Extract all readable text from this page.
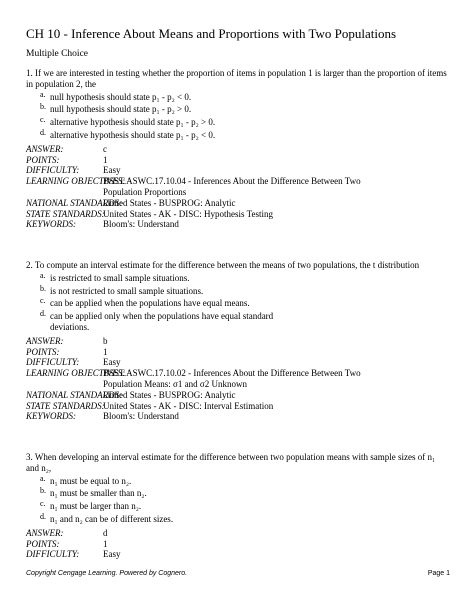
CH 10 - Inference About Means and Proportions with Two Populations
Multiple Choice
1. If we are interested in testing whether the proportion of items in population 1 is larger than the proportion of items in population 2, the
a. null hypothesis should state p₁ - p₂ < 0.
b. null hypothesis should state p₁ - p₂ > 0.
c. alternative hypothesis should state p₁ - p₂ > 0.
d. alternative hypothesis should state p₁ - p₂ < 0.
ANSWER:	c
POINTS:	1
DIFFICULTY:	Easy
LEARNING OBJECTIVES:
BSST.ASWC.17.10.04 - Inferences About the Difference Between Two Population Proportions
NATIONAL STANDARDS:
United States - BUSPROG: Analytic
STATE STANDARDS:
United States - AK - DISC: Hypothesis Testing
KEYWORDS:	Bloom's: Understand
2. To compute an interval estimate for the difference between the means of two populations, the t distribution
a. is restricted to small sample situations.
b. is not restricted to small sample situations.
c. can be applied when the populations have equal means.
d. can be applied only when the populations have equal standard deviations.
ANSWER:	b
POINTS:	1
DIFFICULTY:	Easy
LEARNING OBJECTIVES:
BSST.ASWC.17.10.02 - Inferences About the Difference Between Two Population Means: σ1 and σ2 Unknown
NATIONAL STANDARDS:
United States - BUSPROG: Analytic
STATE STANDARDS:
United States - AK - DISC: Interval Estimation
KEYWORDS:	Bloom's: Understand
3. When developing an interval estimate for the difference between two population means with sample sizes of n₁ and n₂,
a. n₁ must be equal to n₂.
b. n₁ must be smaller than n₂.
c. n₁ must be larger than n₂.
d. n₁ and n₂ can be of different sizes.
ANSWER:	d
POINTS:	1
DIFFICULTY:	Easy
Copyright Cengage Learning. Powered by Cognero.	Page 1
